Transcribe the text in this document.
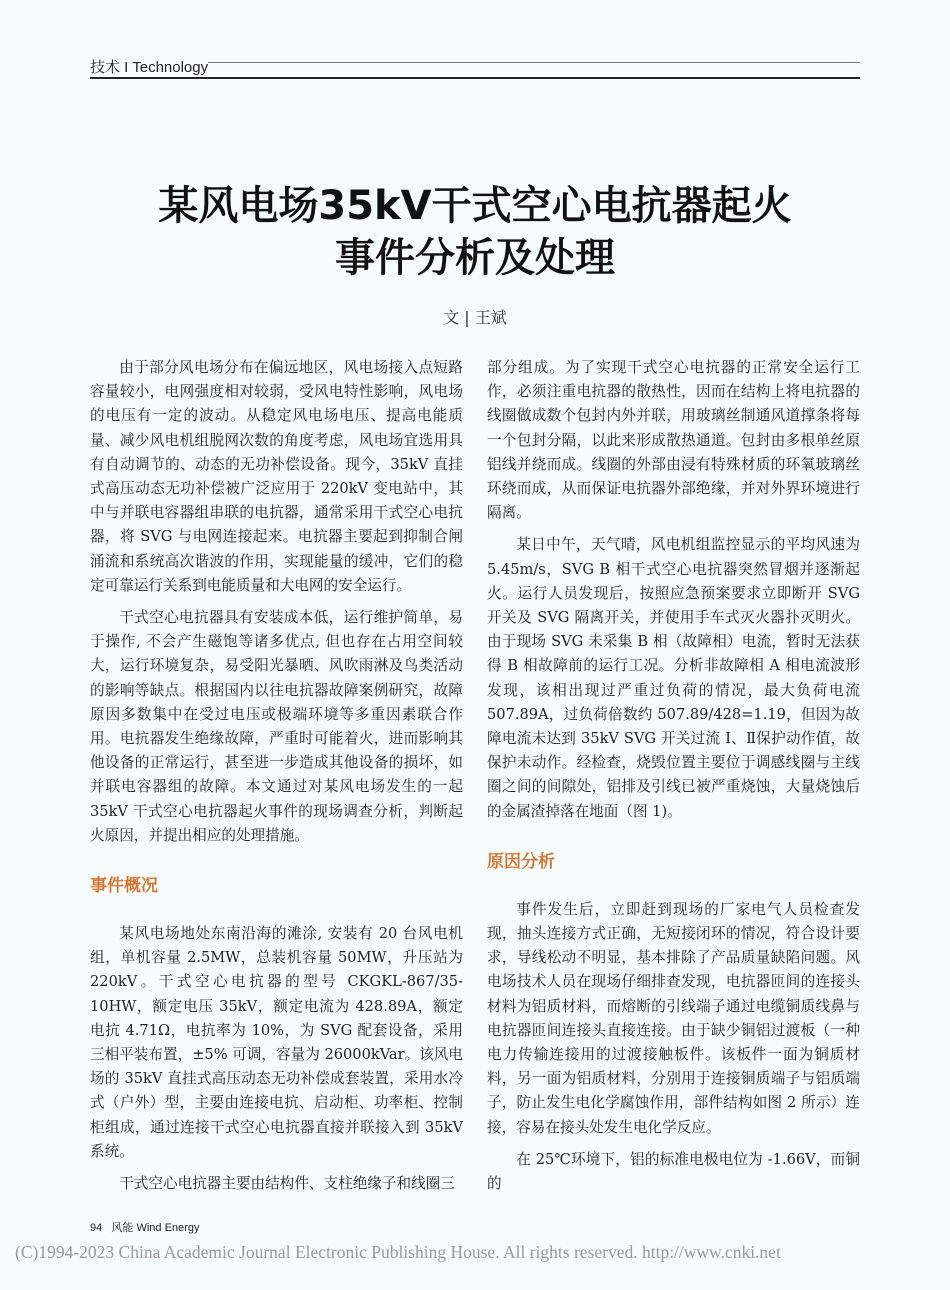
技术 I Technology
某风电场35kV干式空心电抗器起火
事件分析及处理
文 | 王斌

由于部分风电场分布在偏远地区，风电场接入点短路容量较小，电网强度相对较弱，受风电特性影响，风电场的电压有一定的波动。从稳定风电场电压、提高电能质量、减少风电机组脱网次数的角度考虑，风电场宜选用具有自动调节的、动态的无功补偿设备。现今，35kV 直挂式高压动态无功补偿被广泛应用于 220kV 变电站中，其中与并联电容器组串联的电抗器，通常采用干式空心电抗器，将 SVG 与电网连接起来。电抗器主要起到抑制合闸涌流和系统高次谐波的作用，实现能量的缓冲，它们的稳定可靠运行关系到电能质量和大电网的安全运行。

干式空心电抗器具有安装成本低，运行维护简单，易于操作, 不会产生磁饱等诸多优点, 但也存在占用空间较大，运行环境复杂，易受阳光暴晒、风吹雨淋及鸟类活动的影响等缺点。根据国内以往电抗器故障案例研究，故障原因多数集中在受过电压或极端环境等多重因素联合作用。电抗器发生绝缘故障，严重时可能着火，进而影响其他设备的正常运行，甚至进一步造成其他设备的损坏，如并联电容器组的故障。本文通过对某风电场发生的一起 35kV 干式空心电抗器起火事件的现场调查分析，判断起火原因，并提出相应的处理措施。

事件概况

某风电场地处东南沿海的滩涂, 安装有 20 台风电机组，单机容量 2.5MW，总装机容量 50MW，升压站为 220kV。干式空心电抗器的型号 CKGKL-867/35-10HW，额定电压 35kV，额定电流为 428.89A，额定电抗 4.71Ω，电抗率为 10%，为 SVG 配套设备，采用三相平装布置，±5% 可调，容量为 26000kVar。该风电场的 35kV 直挂式高压动态无功补偿成套装置，采用水冷式（户外）型，主要由连接电抗、启动柜、功率柜、控制柜组成，通过连接干式空心电抗器直接并联接入到 35kV 系统。

干式空心电抗器主要由结构件、支柱绝缘子和线圈三

部分组成。为了实现干式空心电抗器的正常安全运行工作，必须注重电抗器的散热性，因而在结构上将电抗器的线圈做成数个包封内外并联，用玻璃丝制通风道撑条将每一个包封分隔，以此来形成散热通道。包封由多根单丝原铝线并绕而成。线圈的外部由浸有特殊材质的环氧玻璃丝环绕而成，从而保证电抗器外部绝缘，并对外界环境进行隔离。

某日中午，天气晴，风电机组监控显示的平均风速为 5.45m/s，SVG B 相干式空心电抗器突然冒烟并逐渐起火。运行人员发现后，按照应急预案要求立即断开 SVG 开关及 SVG 隔离开关，并使用手车式灭火器扑灭明火。由于现场 SVG 未采集 B 相（故障相）电流，暂时无法获得 B 相故障前的运行工况。分析非故障相 A 相电流波形发现，该相出现过严重过负荷的情况，最大负荷电流 507.89A，过负荷倍数约 507.89/428=1.19，但因为故障电流未达到 35kV SVG 开关过流 Ⅰ、Ⅱ保护动作值，故保护未动作。经检查，烧毁位置主要位于调感线圈与主线圈之间的间隙处，铝排及引线已被严重烧蚀，大量烧蚀后的金属渣掉落在地面（图 1)。

原因分析

事件发生后，立即赶到现场的厂家电气人员检查发现，抽头连接方式正确，无短接闭环的情况，符合设计要求，导线松动不明显，基本排除了产品质量缺陷问题。风电场技术人员在现场仔细排查发现，电抗器匝间的连接头材料为铝质材料，而熔断的引线端子通过电缆铜质线鼻与电抗器匝间连接头直接连接。由于缺少铜铝过渡板（一种电力传输连接用的过渡接触板件。该板件一面为铜质材料，另一面为铝质材料，分别用于连接铜质端子与铝质端子，防止发生电化学腐蚀作用，部件结构如图 2 所示）连接，容易在接头处发生电化学反应。

在 25℃环境下，铝的标准电极电位为 -1.66V，而铜的

94 风能 Wind Energy
(C)1994-2023 China Academic Journal Electronic Publishing House. All rights reserved. http://www.cnki.net
